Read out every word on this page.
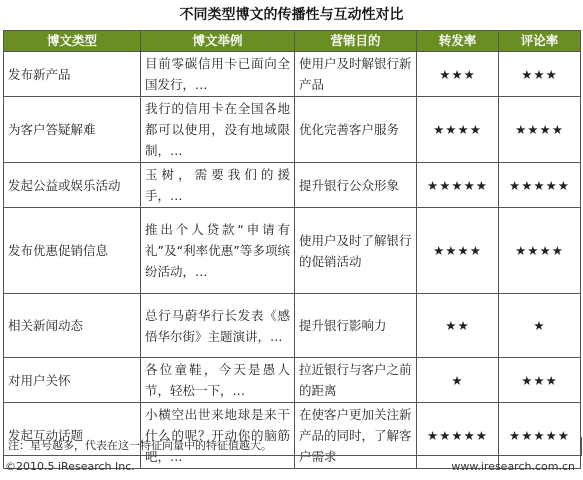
不同类型博文的传播性与互动性对比
博文类型	博文举例	营销目的	转发率	评论率
发布新产品	目前零碳信用卡已面向全国发行，…	使用户及时解银行新产品	★★★	★★★
为客户答疑解难	我行的信用卡在全国各地都可以使用，没有地域限制，…	优化完善客户服务	★★★★	★★★★
发起公益或娱乐活动	玉树，需要我们的援手，…	提升银行公众形象	★★★★★	★★★★★
发布优惠促销信息	推出个人贷款“申请有礼”及“利率优惠”等多项缤纷活动，…	使用户及时了解银行的促销活动	★★★★	★★★★
相关新闻动态	总行马蔚华行长发表《感悟华尔街》主题演讲，…	提升银行影响力	★★	★
对用户关怀	各位童鞋，今天是愚人节，轻松一下，…	拉近银行与客户之前的距离	★	★★★
发起互动话题	小横空出世来地球是来干什么的呢？开动你的脑筋吧，…	在使客户更加关注新产品的同时，了解客户需求	★★★★★	★★★★★
注：星号越多，代表在这一特征向量中的特征值越大。
©2010.5 iResearch Inc.	www.iresearch.com.cn
